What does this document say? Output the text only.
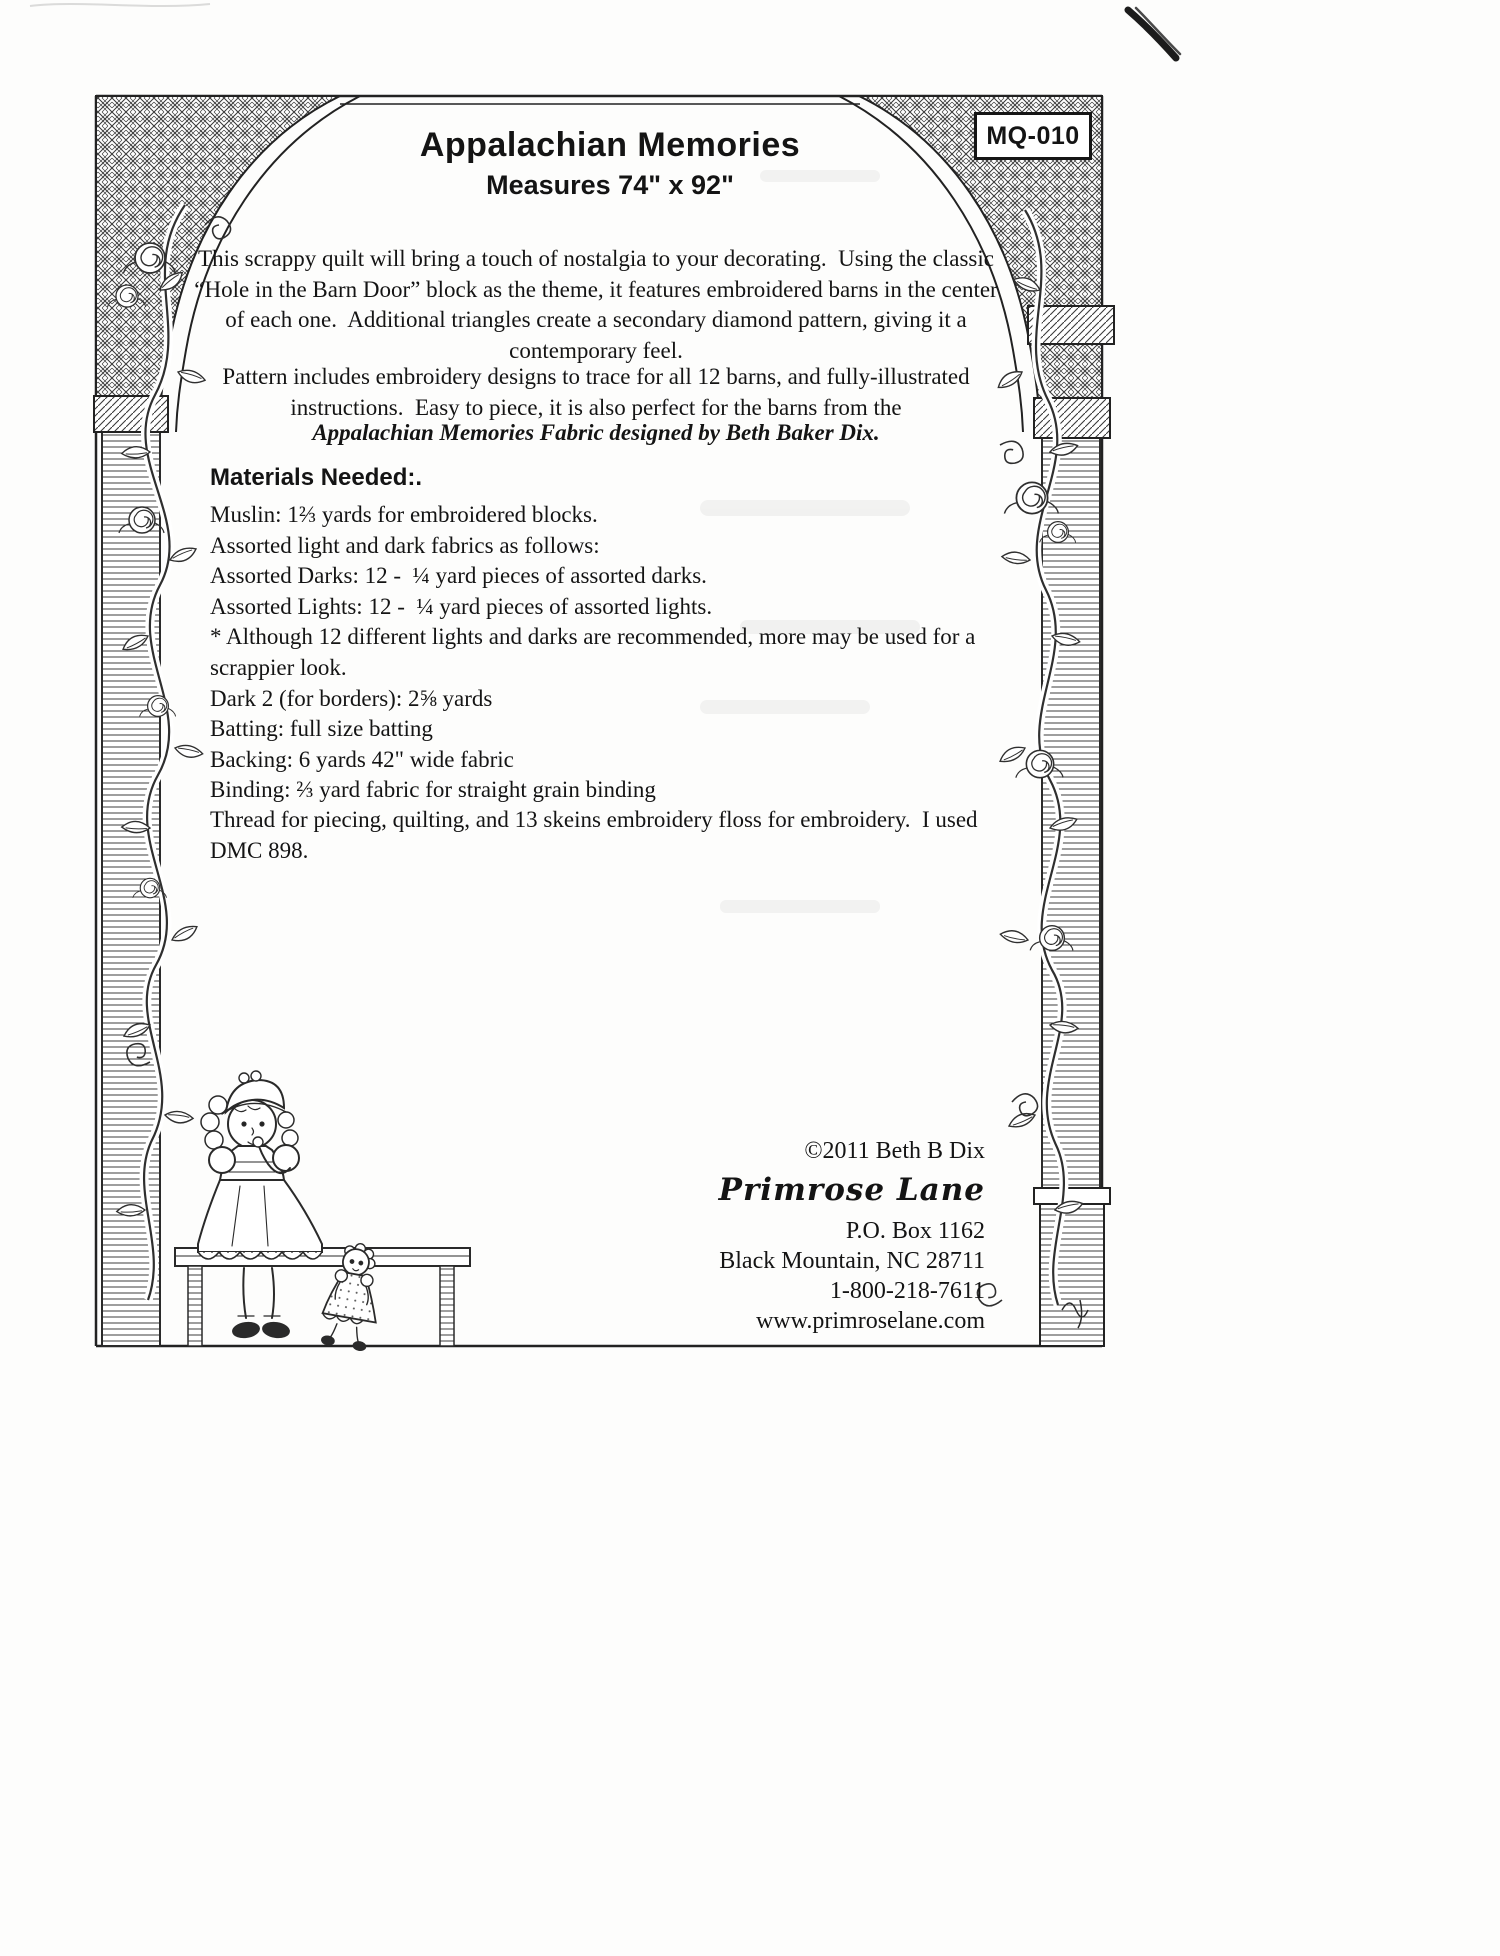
MQ-010
Appalachian Memories
Measures 74" x 92"

This scrappy quilt will bring a touch of nostalgia to your decorating.  Using the classic “Hole in the Barn Door” block as the theme, it features embroidered barns in the center of each one.  Additional triangles create a secondary diamond pattern, giving it a contemporary feel.

Pattern includes embroidery designs to trace for all 12 barns, and fully-illustrated instructions.  Easy to piece, it is also perfect for the barns from the

Appalachian Memories Fabric designed by Beth Baker Dix.

Materials Needed:.
Muslin: 1⅔ yards for embroidered blocks.
Assorted light and dark fabrics as follows:
Assorted Darks: 12 -  ¼ yard pieces of assorted darks.
Assorted Lights: 12 -  ¼ yard pieces of assorted lights.
* Although 12 different lights and darks are recommended, more may be used for a scrappier look.
Dark 2 (for borders): 2⅝ yards
Batting: full size batting
Backing: 6 yards 42" wide fabric
Binding: ⅔ yard fabric for straight grain binding

Thread for piecing, quilting, and 13 skeins embroidery floss for embroidery.  I used DMC 898.

©2011 Beth B Dix
Primrose Lane
P.O. Box 1162
Black Mountain, NC 28711
1-800-218-7611
www.primroselane.com
